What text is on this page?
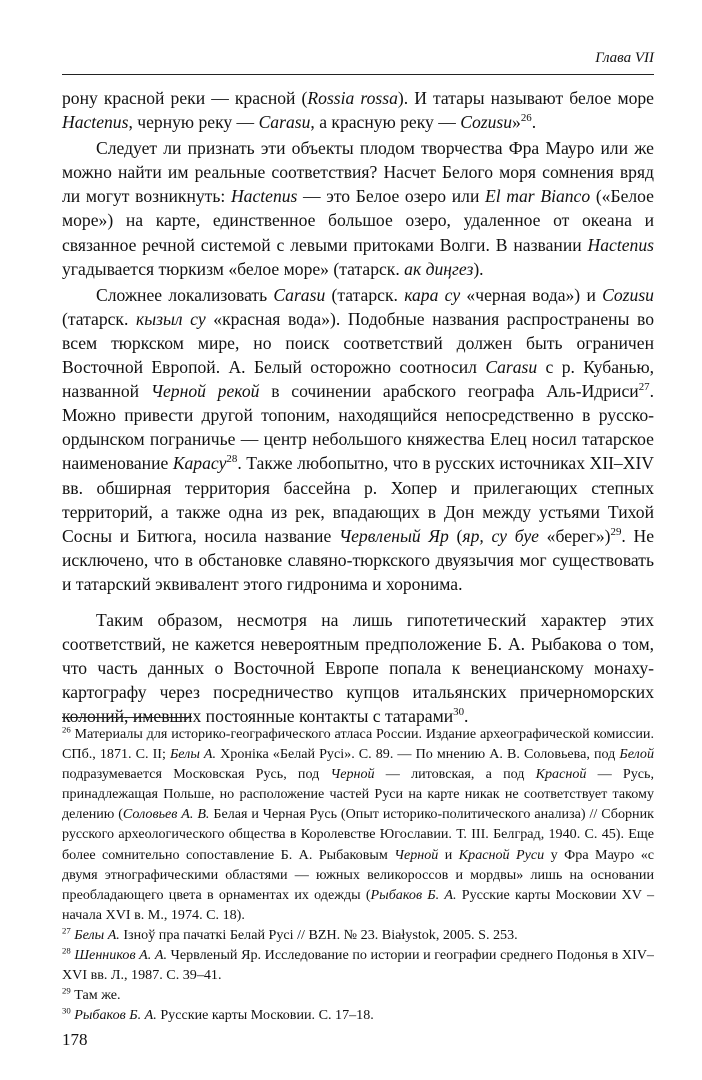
Глава VII

рону красной реки — красной (Rossia rossa). И татары называют белое море Hactenus, черную реку — Carasu, а красную реку — Cozusu»$^{26}$.

Следует ли признать эти объекты плодом творчества Фра Мауро или же можно найти им реальные соответствия? Насчет Белого моря сомнения вряд ли могут возникнуть: Hactenus — это Белое озеро или El mar Bianco («Белое море») на карте, единственное большое озеро, удаленное от океана и связанное речной системой с левыми притоками Волги. В названии Hactenus угадывается тюркизм «белое море» (татарск. ак диңгез).

Сложнее локализовать Carasu (татарск. кара су «черная вода») и Cozusu (татарск. кызыл су «красная вода»). Подобные названия распространены во всем тюркском мире, но поиск соответствий должен быть ограничен Восточной Европой. А. Белый осторожно соотносил Carasu с р. Кубанью, названной Черной рекой в сочинении арабского географа Аль-Идриси$^{27}$. Можно привести другой топоним, находящийся непосредственно в русско-ордынском пограничье — центр небольшого княжества Елец носил татарское наименование Карасу$^{28}$. Также любопытно, что в русских источниках XII–XIV вв. обширная территория бассейна р. Хопер и прилегающих степных территорий, а также одна из рек, впадающих в Дон между устьями Тихой Сосны и Битюга, носила название Червленый Яр (яр, су буе «берег»)$^{29}$. Не исключено, что в обстановке славяно-тюркского двуязычия мог существовать и татарский эквивалент этого гидронима и хоронима.

Таким образом, несмотря на лишь гипотетический характер этих соответствий, не кажется невероятным предположение Б. А. Рыбакова о том, что часть данных о Восточной Европе попала к венецианскому монаху-картографу через посредничество купцов итальянских причерноморских колоний, имевших постоянные контакты с татарами$^{30}$.

$^{26}$ Материалы для историко-географического атласа России. Издание археографической комиссии. СПб., 1871. С. II; Белы А. Хроніка «Белай Русі». С. 89. — По мнению А. В. Соловьева, под Белой подразумевается Московская Русь, под Черной — литовская, а под Красной — Русь, принадлежащая Польше, но расположение частей Руси на карте никак не соответствует такому делению (Соловьев А. В. Белая и Черная Русь (Опыт историко-политического анализа) // Сборник русского археологического общества в Королевстве Югославии. Т. III. Белград, 1940. С. 45). Еще более сомнительно сопоставление Б. А. Рыбаковым Черной и Красной Руси у Фра Мауро «с двумя этнографическими областями — южных великороссов и мордвы» лишь на основании преобладающего цвета в орнаментах их одежды (Рыбаков Б. А. Русские карты Московии XV – начала XVI в. М., 1974. С. 18).

$^{27}$ Белы А. Ізноў пра пачаткі Белай Русі // BZH. № 23. Białystok, 2005. S. 253.

$^{28}$ Шенников А. А. Червленый Яр. Исследование по истории и географии среднего Подонья в XIV–XVI вв. Л., 1987. С. 39–41.

$^{29}$ Там же.

$^{30}$ Рыбаков Б. А. Русские карты Московии. С. 17–18.

178
